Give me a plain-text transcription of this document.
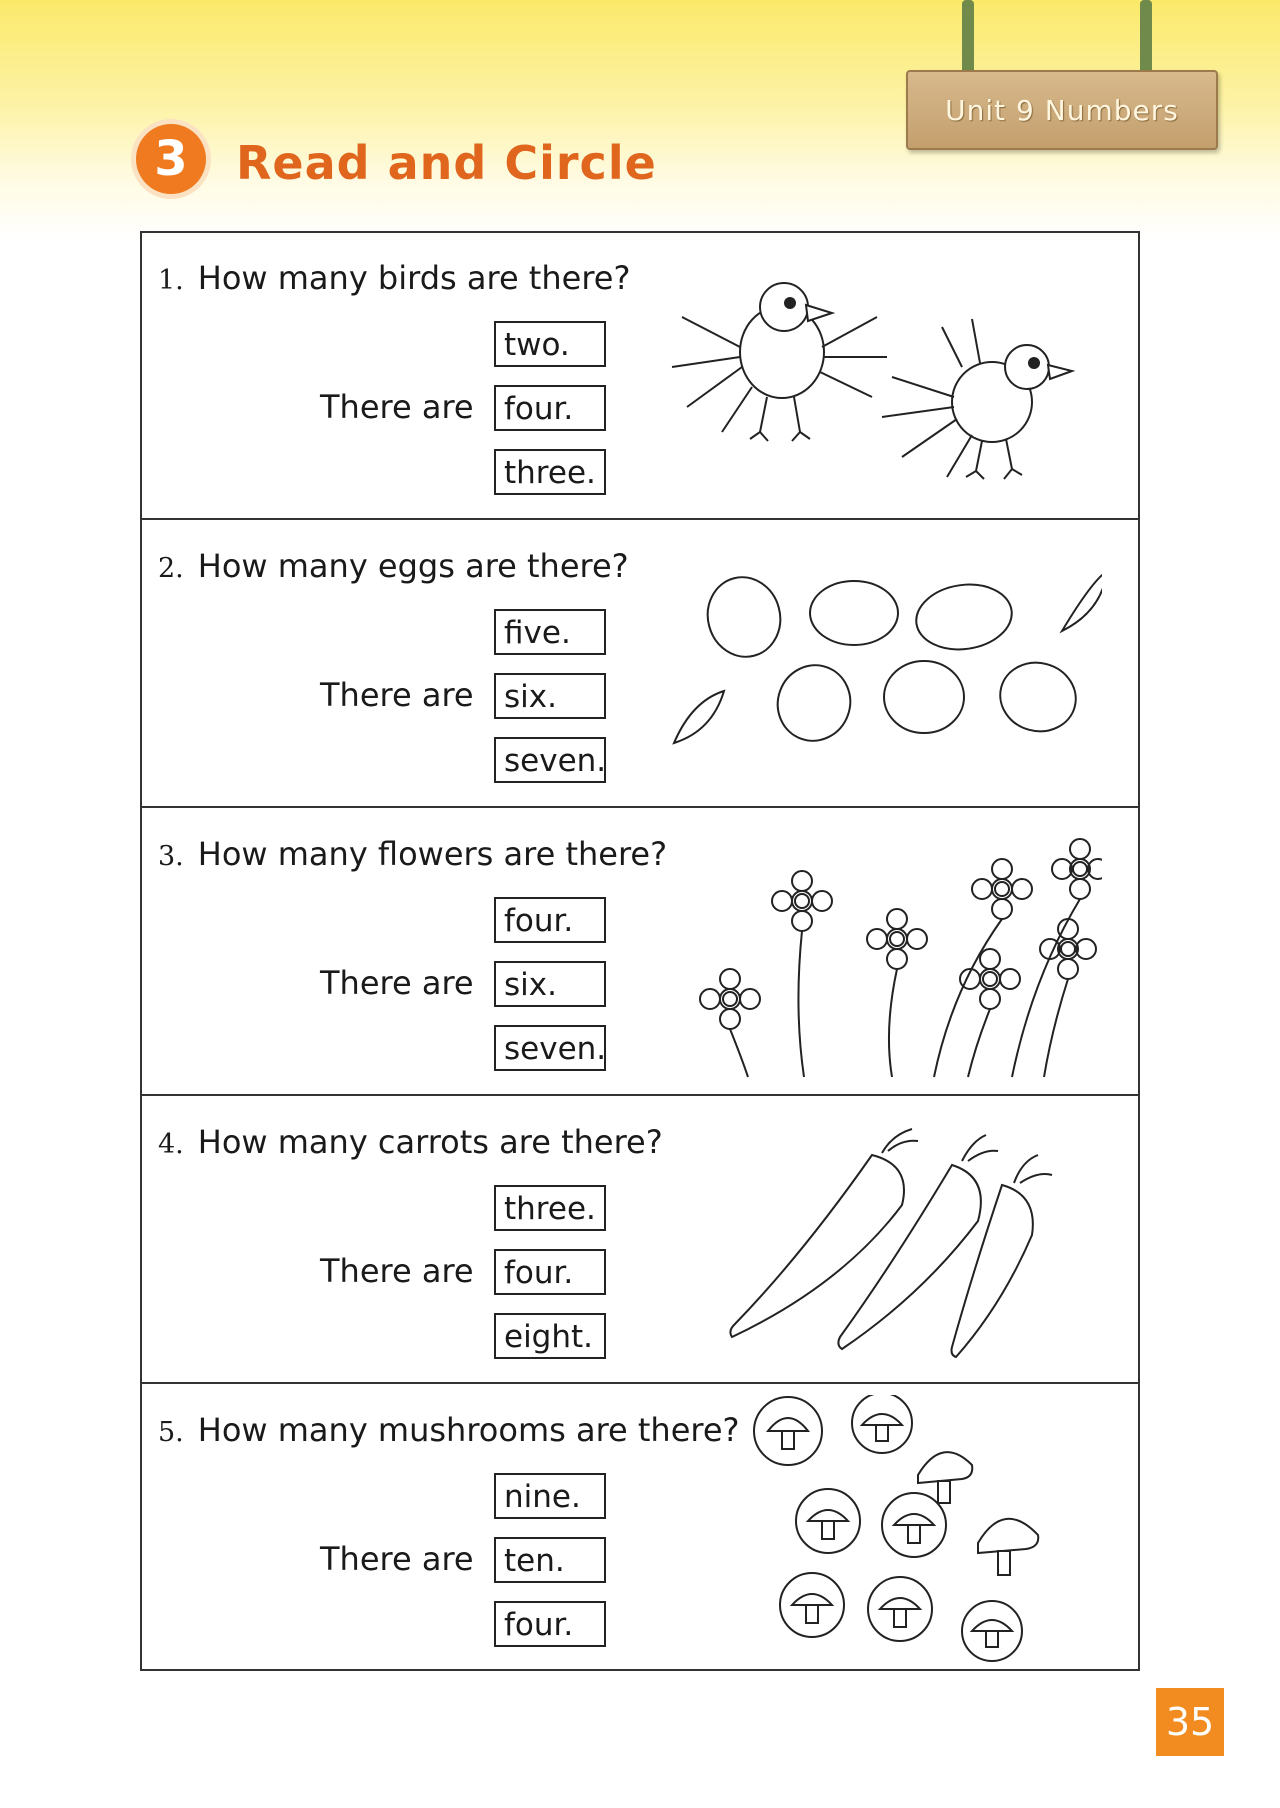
Unit 9 Numbers
3 Read and Circle
1. How many birds are there?
There are
two.
four.
three.
2. How many eggs are there?
There are
five.
six.
seven.
3. How many flowers are there?
There are
four.
six.
seven.
4. How many carrots are there?
There are
three.
four.
eight.
5. How many mushrooms are there?
There are
nine.
ten.
four.
35
